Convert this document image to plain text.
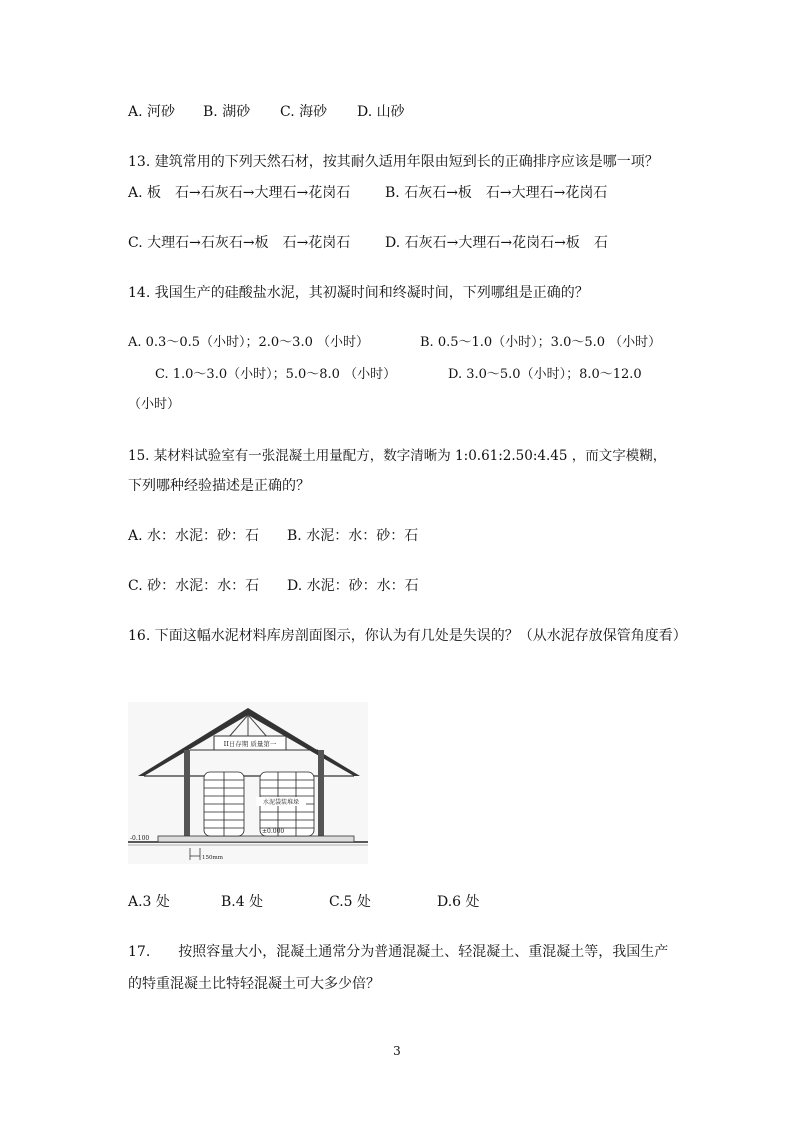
A. 河砂 B. 湖砂 C. 海砂 D. 山砂
13. 建筑常用的下列天然石材，按其耐久适用年限由短到长的正确排序应该是哪一项？
A. 板　石→石灰石→大理石→花岗石 B. 石灰石→板　石→大理石→花岗石
C. 大理石→石灰石→板　石→花岗石 D. 石灰石→大理石→花岗石→板　石
14. 我国生产的硅酸盐水泥，其初凝时间和终凝时间，下列哪组是正确的？
A. 0.3～0.5（小时）；2.0～3.0 （小时）	B. 0.5～1.0（小时）；3.0～5.0 （小时）
C. 1.0～3.0（小时）；5.0～8.0 （小时）	D. 3.0～5.0（小时）；8.0～12.0
（小时）
15. 某材料试验室有一张混凝土用量配方，数字清晰为 1:0.61:2.50:4.45 ，而文字模糊，
下列哪种经验描述是正确的？
A. 水：水泥：砂：石 B. 水泥：水：砂：石
C. 砂：水泥：水：石 D. 水泥：砂：水：石
16. 下面这幅水泥材料库房剖面图示，你认为有几处是失误的？（从水泥存放保管角度看）
II日存期 质量第一
水泥袋装堆垛
-0.100
±0.000
150mm
A.3 处	B.4 处	C.5 处	D.6 处
17.　　按照容量大小，混凝土通常分为普通混凝土、轻混凝土、重混凝土等，我国生产
的特重混凝土比特轻混凝土可大多少倍？
3
